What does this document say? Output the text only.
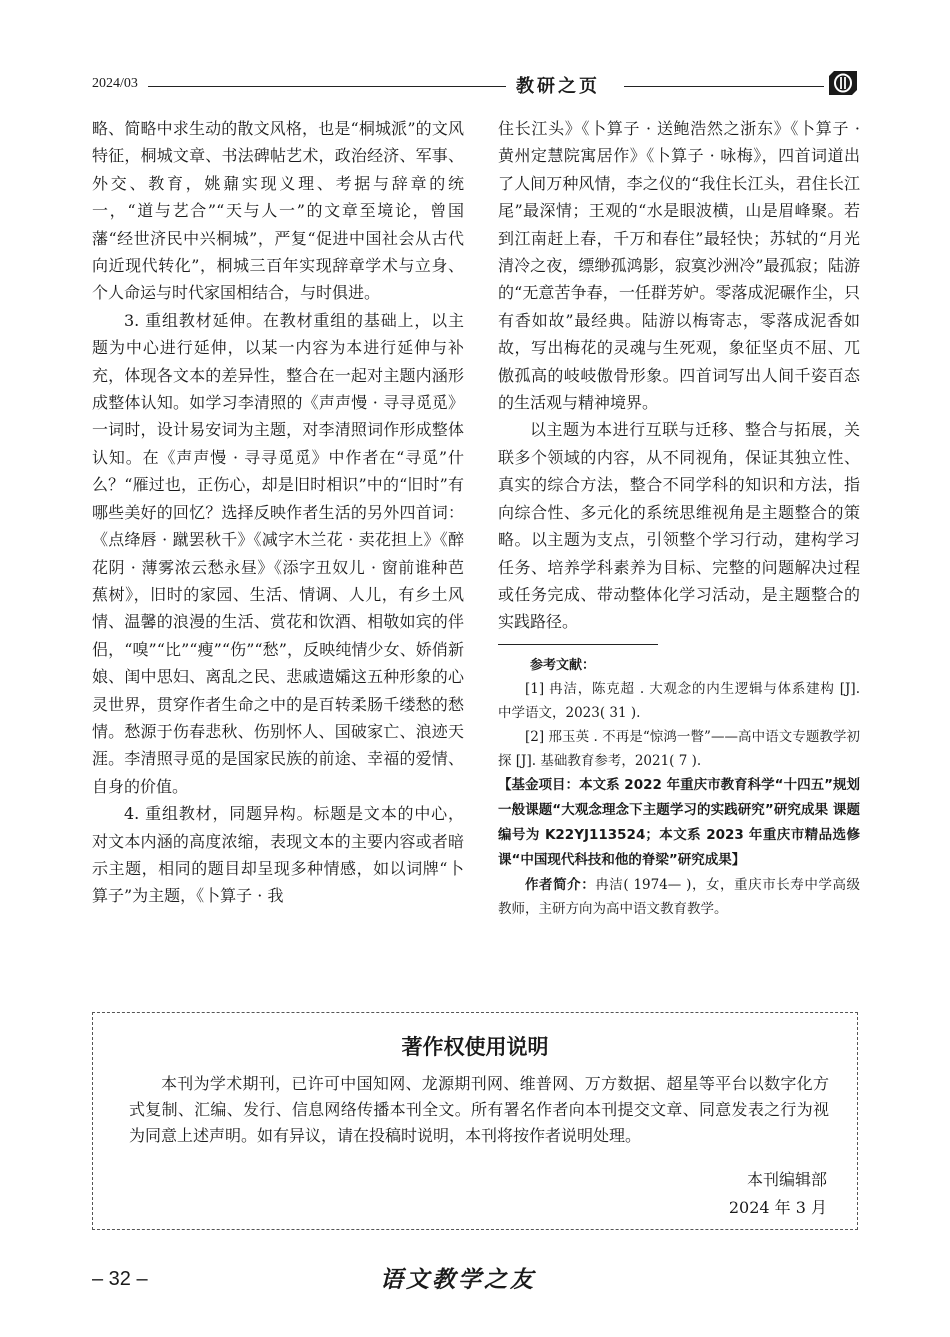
2024/03	教研之页

略、简略中求生动的散文风格，也是“桐城派”的文风特征，桐城文章、书法碑帖艺术，政治经济、军事、外交、教育，姚鼐实现义理、考据与辞章的统一，“道与艺合”“天与人一”的文章至境论，曾国藩“经世济民中兴桐城”，严复“促进中国社会从古代向近现代转化”，桐城三百年实现辞章学术与立身、个人命运与时代家国相结合，与时俱进。

3. 重组教材延伸。在教材重组的基础上，以主题为中心进行延伸，以某一内容为本进行延伸与补充，体现各文本的差异性，整合在一起对主题内涵形成整体认知。如学习李清照的《声声慢 · 寻寻觅觅》一词时，设计易安词为主题，对李清照词作形成整体认知。在《声声慢 · 寻寻觅觅》中作者在“寻觅”什么？“雁过也，正伤心，却是旧时相识”中的“旧时”有哪些美好的回忆？选择反映作者生活的另外四首词：《点绛唇 · 蹴罢秋千》《减字木兰花 · 卖花担上》《醉花阴 · 薄雾浓云愁永昼》《添字丑奴儿 · 窗前谁种芭蕉树》，旧时的家园、生活、情调、人儿，有乡土风情、温馨的浪漫的生活、赏花和饮酒、相敬如宾的伴侣，“嗅”“比”“瘦”“伤”“愁”，反映纯情少女、娇俏新娘、闺中思妇、离乱之民、悲戚遗孀这五种形象的心灵世界，贯穿作者生命之中的是百转柔肠千缕愁的愁情。愁源于伤春悲秋、伤别怀人、国破家亡、浪迹天涯。李清照寻觅的是国家民族的前途、幸福的爱情、自身的价值。

4. 重组教材，同题异构。标题是文本的中心，对文本内涵的高度浓缩，表现文本的主要内容或者暗示主题，相同的题目却呈现多种情感，如以词牌“卜算子”为主题，《卜算子 · 我

住长江头》《卜算子 · 送鲍浩然之浙东》《卜算子 · 黄州定慧院寓居作》《卜算子 · 咏梅》，四首词道出了人间万种风情，李之仪的“我住长江头，君住长江尾”最深情；王观的“水是眼波横，山是眉峰聚。若到江南赶上春，千万和春住”最轻快；苏轼的“月光清冷之夜，缥缈孤鸿影，寂寞沙洲冷”最孤寂；陆游的“无意苦争春，一任群芳妒。零落成泥碾作尘，只有香如故”最经典。陆游以梅寄志，零落成泥香如故，写出梅花的灵魂与生死观，象征坚贞不屈、兀傲孤高的岐岐傲骨形象。四首词写出人间千姿百态的生活观与精神境界。

以主题为本进行互联与迁移、整合与拓展，关联多个领域的内容，从不同视角，保证其独立性、真实的综合方法，整合不同学科的知识和方法，指向综合性、多元化的系统思维视角是主题整合的策略。以主题为支点，引领整个学习行动，建构学习任务、培养学科素养为目标、完整的问题解决过程或任务完成、带动整体化学习活动，是主题整合的实践路径。

参考文献：

[1] 冉洁，陈克超 . 大观念的内生逻辑与体系建构 [J]. 中学语文，2023( 31 ).

[2] 邢玉英 . 不再是“惊鸿一瞥”——高中语文专题教学初探 [J]. 基础教育参考，2021( 7 ).

【基金项目：本文系 2022 年重庆市教育科学“十四五”规划一般课题“大观念理念下主题学习的实践研究”研究成果 课题编号为 K22YJ113524；本文系 2023 年重庆市精品选修课“中国现代科技和他的脊梁”研究成果】

作者简介：冉洁( 1974— )，女，重庆市长寿中学高级教师，主研方向为高中语文教育教学。

著作权使用说明

本刊为学术期刊，已许可中国知网、龙源期刊网、维普网、万方数据、超星等平台以数字化方式复制、汇编、发行、信息网络传播本刊全文。所有署名作者向本刊提交文章、同意发表之行为视为同意上述声明。如有异议，请在投稿时说明，本刊将按作者说明处理。

本刊编辑部
2024 年 3 月
– 32 –	语文教学之友
